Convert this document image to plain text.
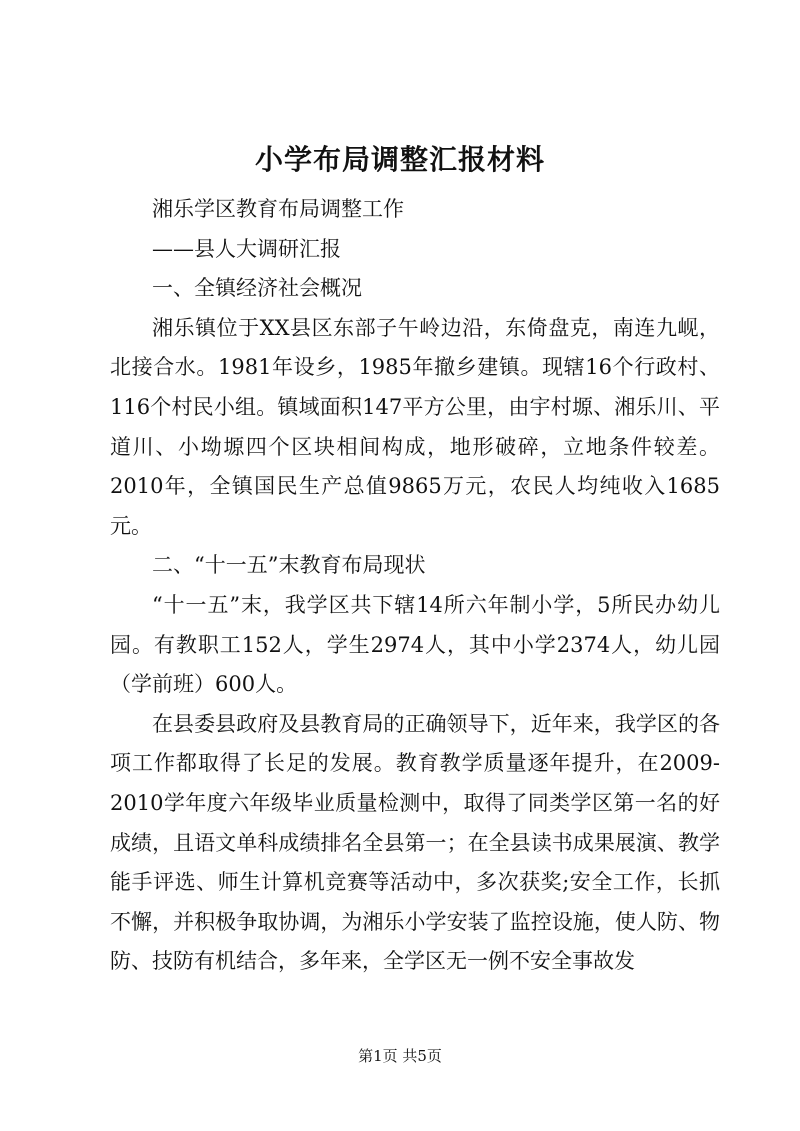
小学布局调整汇报材料

湘乐学区教育布局调整工作

——县人大调研汇报

一、全镇经济社会概况

湘乐镇位于XX县区东部子午岭边沿，东倚盘克，南连九岘，北接合水。1981年设乡，1985年撤乡建镇。现辖16个行政村、116个村民小组。镇域面积147平方公里，由宇村塬、湘乐川、平道川、小坳塬四个区块相间构成，地形破碎，立地条件较差。2010年，全镇国民生产总值9865万元，农民人均纯收入1685元。

二、“十一五”末教育布局现状

“十一五”末，我学区共下辖14所六年制小学，5所民办幼儿园。有教职工152人，学生2974人，其中小学2374人，幼儿园（学前班）600人。

在县委县政府及县教育局的正确领导下，近年来，我学区的各项工作都取得了长足的发展。教育教学质量逐年提升，在2009-2010学年度六年级毕业质量检测中，取得了同类学区第一名的好成绩，且语文单科成绩排名全县第一；在全县读书成果展演、教学能手评选、师生计算机竞赛等活动中，多次获奖;安全工作，长抓不懈，并积极争取协调，为湘乐小学安装了监控设施，使人防、物防、技防有机结合，多年来，全学区无一例不安全事故发

第1页 共5页
